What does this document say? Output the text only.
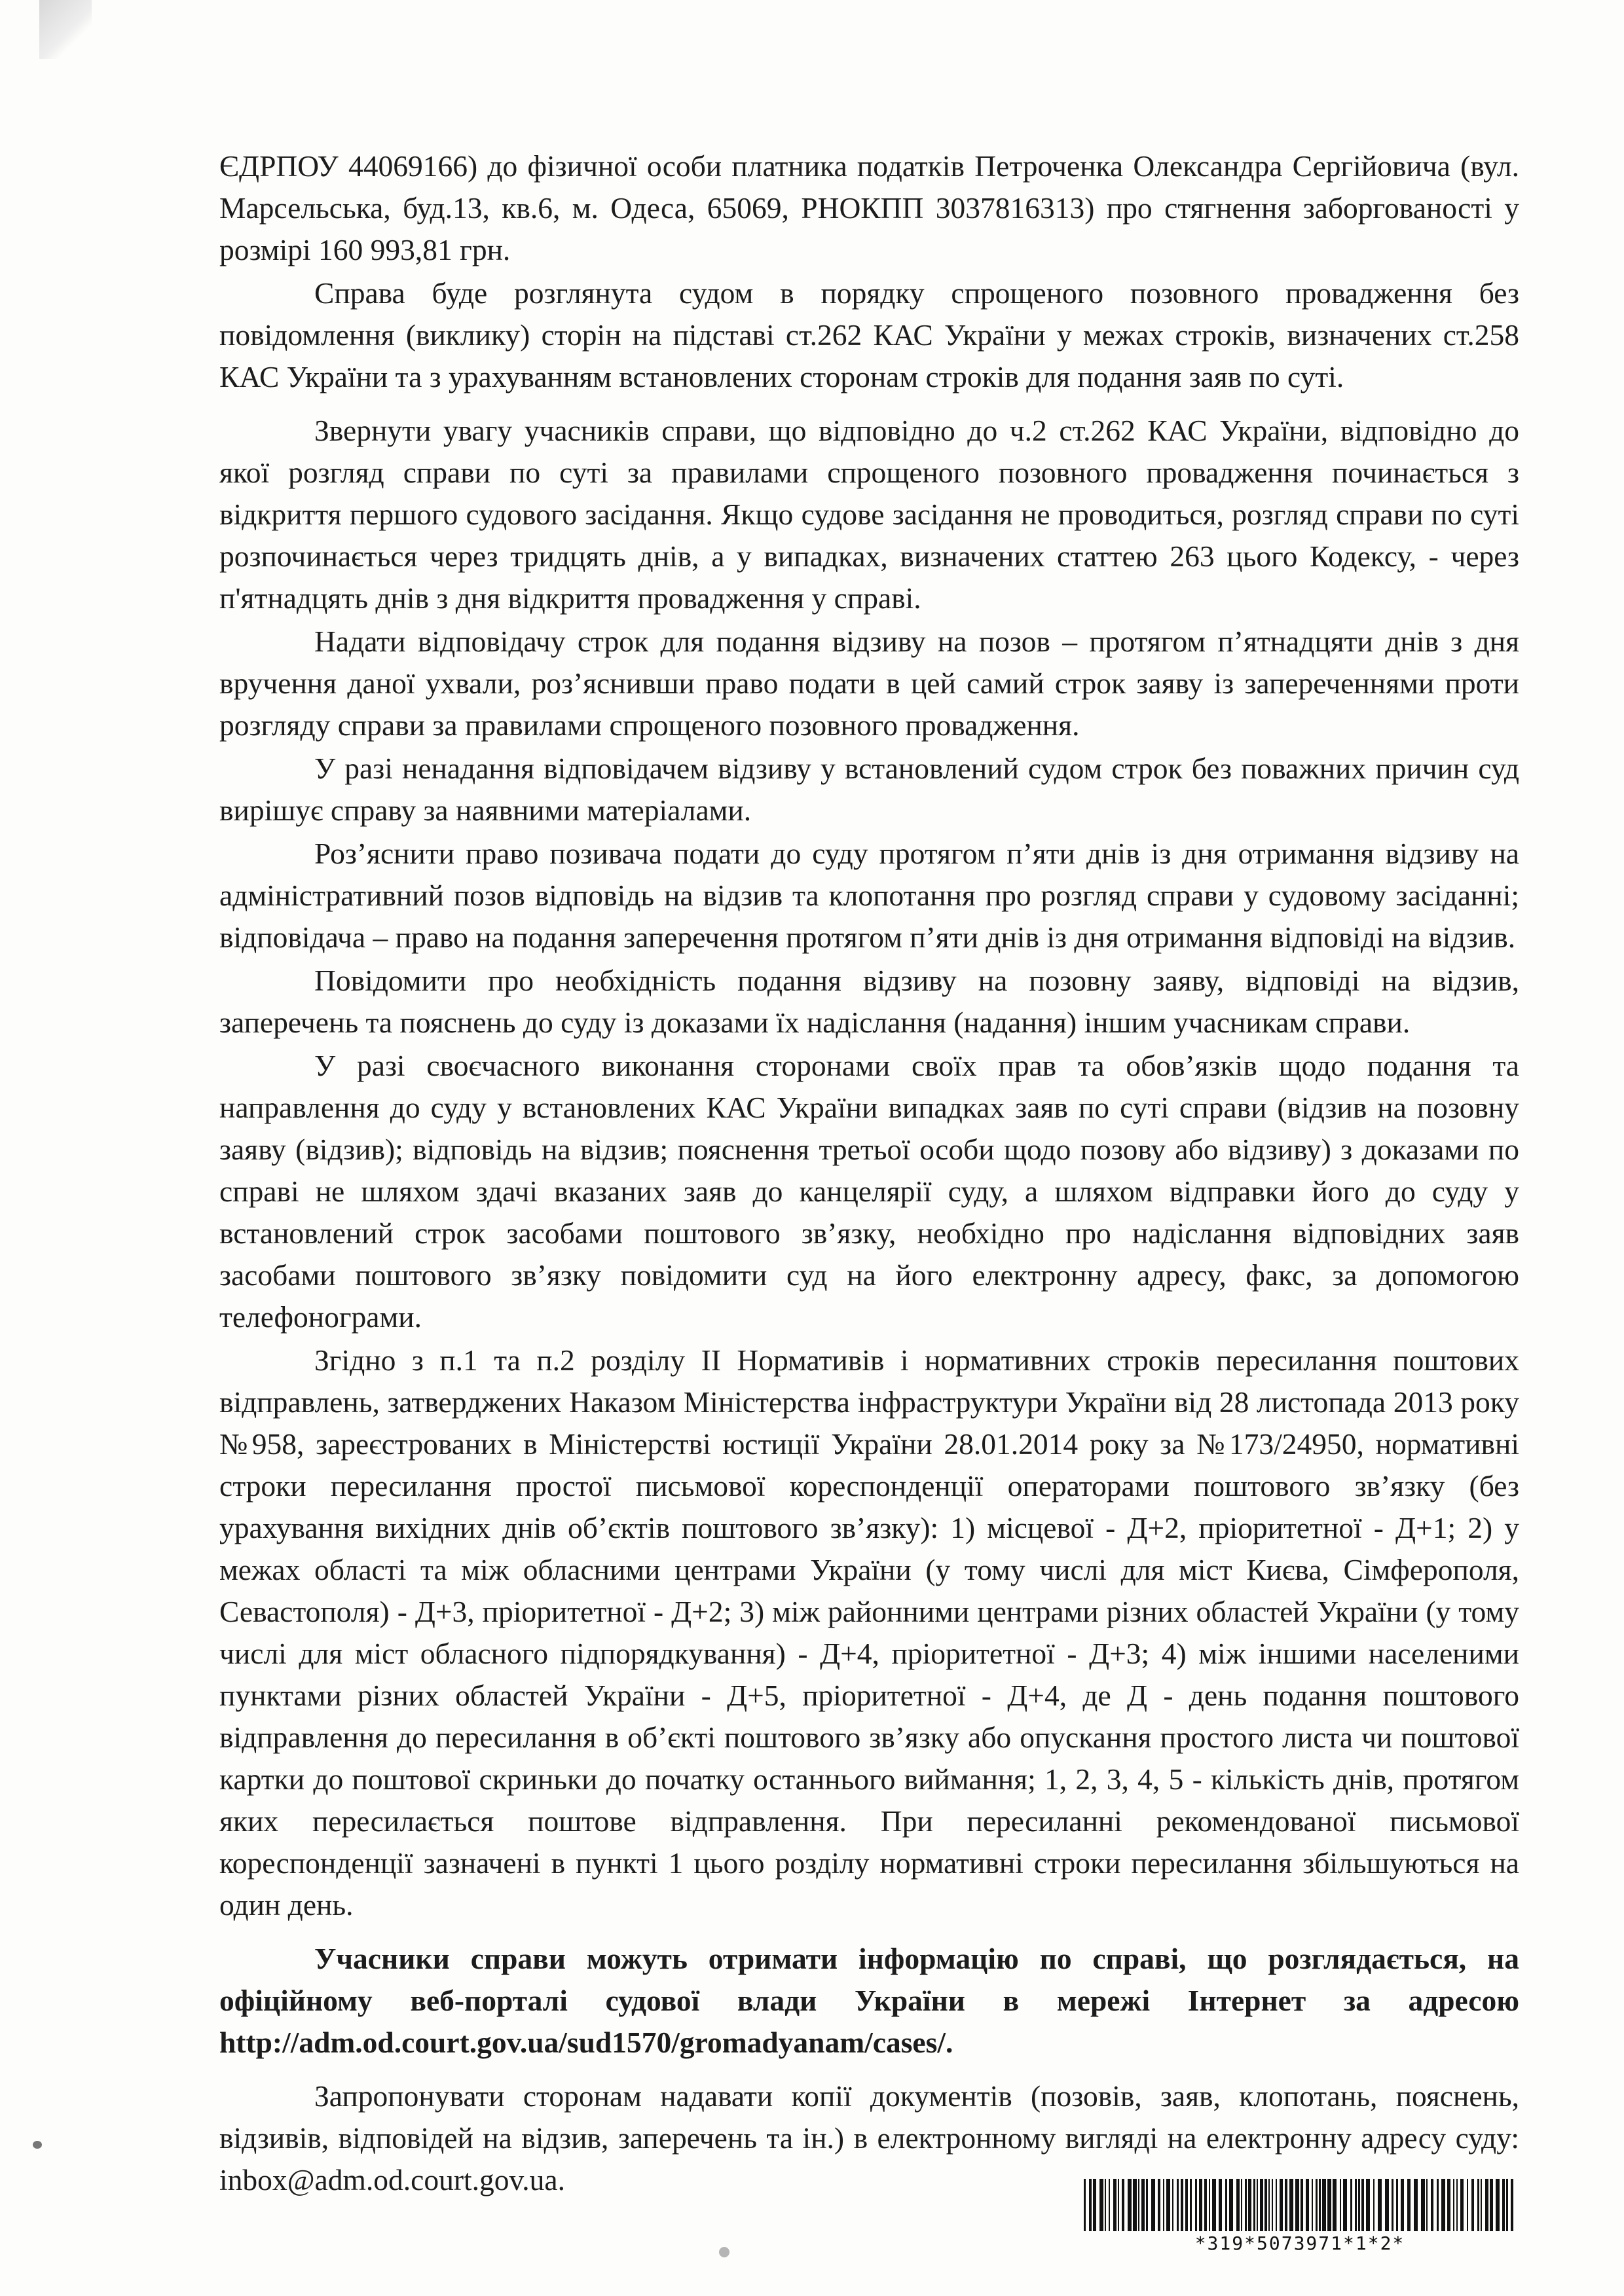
ЄДРПОУ 44069166) до фізичної особи платника податків Петроченка Олександра Сергійовича (вул. Марсельська, буд.13, кв.6, м. Одеса, 65069, РНОКПП 3037816313) про стягнення заборгованості у розмірі 160 993,81 грн.

Справа буде розглянута судом в порядку спрощеного позовного провадження без повідомлення (виклику) сторін на підставі ст.262 КАС України у межах строків, визначених ст.258 КАС України та з урахуванням встановлених сторонам строків для подання заяв по суті.

Звернути увагу учасників справи, що відповідно до ч.2 ст.262 КАС України, відповідно до якої розгляд справи по суті за правилами спрощеного позовного провадження починається з відкриття першого судового засідання. Якщо судове засідання не проводиться, розгляд справи по суті розпочинається через тридцять днів, а у випадках, визначених статтею 263 цього Кодексу, - через п'ятнадцять днів з дня відкриття провадження у справі.

Надати відповідачу строк для подання відзиву на позов – протягом п’ятнадцяти днів з дня вручення даної ухвали, роз’яснивши право подати в цей самий строк заяву із запереченнями проти розгляду справи за правилами спрощеного позовного провадження.

У разі ненадання відповідачем відзиву у встановлений судом строк без поважних причин суд вирішує справу за наявними матеріалами.

Роз’яснити право позивача подати до суду протягом п’яти днів із дня отримання відзиву на адміністративний позов відповідь на відзив та клопотання про розгляд справи у судовому засіданні; відповідача – право на подання заперечення протягом п’яти днів із дня отримання відповіді на відзив.

Повідомити про необхідність подання відзиву на позовну заяву, відповіді на відзив, заперечень та пояснень до суду із доказами їх надіслання (надання) іншим учасникам справи.

У разі своєчасного виконання сторонами своїх прав та обов’язків щодо подання та направлення до суду у встановлених КАС України випадках заяв по суті справи (відзив на позовну заяву (відзив); відповідь на відзив; пояснення третьої особи щодо позову або відзиву) з доказами по справі не шляхом здачі вказаних заяв до канцелярії суду, а шляхом відправки його до суду у встановлений строк засобами поштового зв’язку, необхідно про надіслання відповідних заяв засобами поштового зв’язку повідомити суд на його електронну адресу, факс, за допомогою телефонограми.

Згідно з п.1 та п.2 розділу ІІ Нормативів і нормативних строків пересилання поштових відправлень, затверджених Наказом Міністерства інфраструктури України від 28 листопада 2013 року №958, зареєстрованих в Міністерстві юстиції України 28.01.2014 року за №173/24950, нормативні строки пересилання простої письмової кореспонденції операторами поштового зв’язку (без урахування вихідних днів об’єктів поштового зв’язку): 1) місцевої - Д+2, пріоритетної - Д+1; 2) у межах області та між обласними центрами України (у тому числі для міст Києва, Сімферополя, Севастополя) - Д+3, пріоритетної - Д+2; 3) між районними центрами різних областей України (у тому числі для міст обласного підпорядкування) - Д+4, пріоритетної - Д+3; 4) між іншими населеними пунктами різних областей України - Д+5, пріоритетної - Д+4, де Д - день подання поштового відправлення до пересилання в об’єкті поштового зв’язку або опускання простого листа чи поштової картки до поштової скриньки до початку останнього виймання; 1, 2, 3, 4, 5 - кількість днів, протягом яких пересилається поштове відправлення. При пересиланні рекомендованої письмової кореспонденції зазначені в пункті 1 цього розділу нормативні строки пересилання збільшуються на один день.

Учасники справи можуть отримати інформацію по справі, що розглядається, на офіційному веб-порталі судової влади України в мережі Інтернет за адресою http://adm.od.court.gov.ua/sud1570/gromadyanam/cases/.

Запропонувати сторонам надавати копії документів (позовів, заяв, клопотань, пояснень, відзивів, відповідей на відзив, заперечень та ін.) в електронному вигляді на електронну адресу суду: inbox@adm.od.court.gov.ua.

*319*5073971*1*2*
